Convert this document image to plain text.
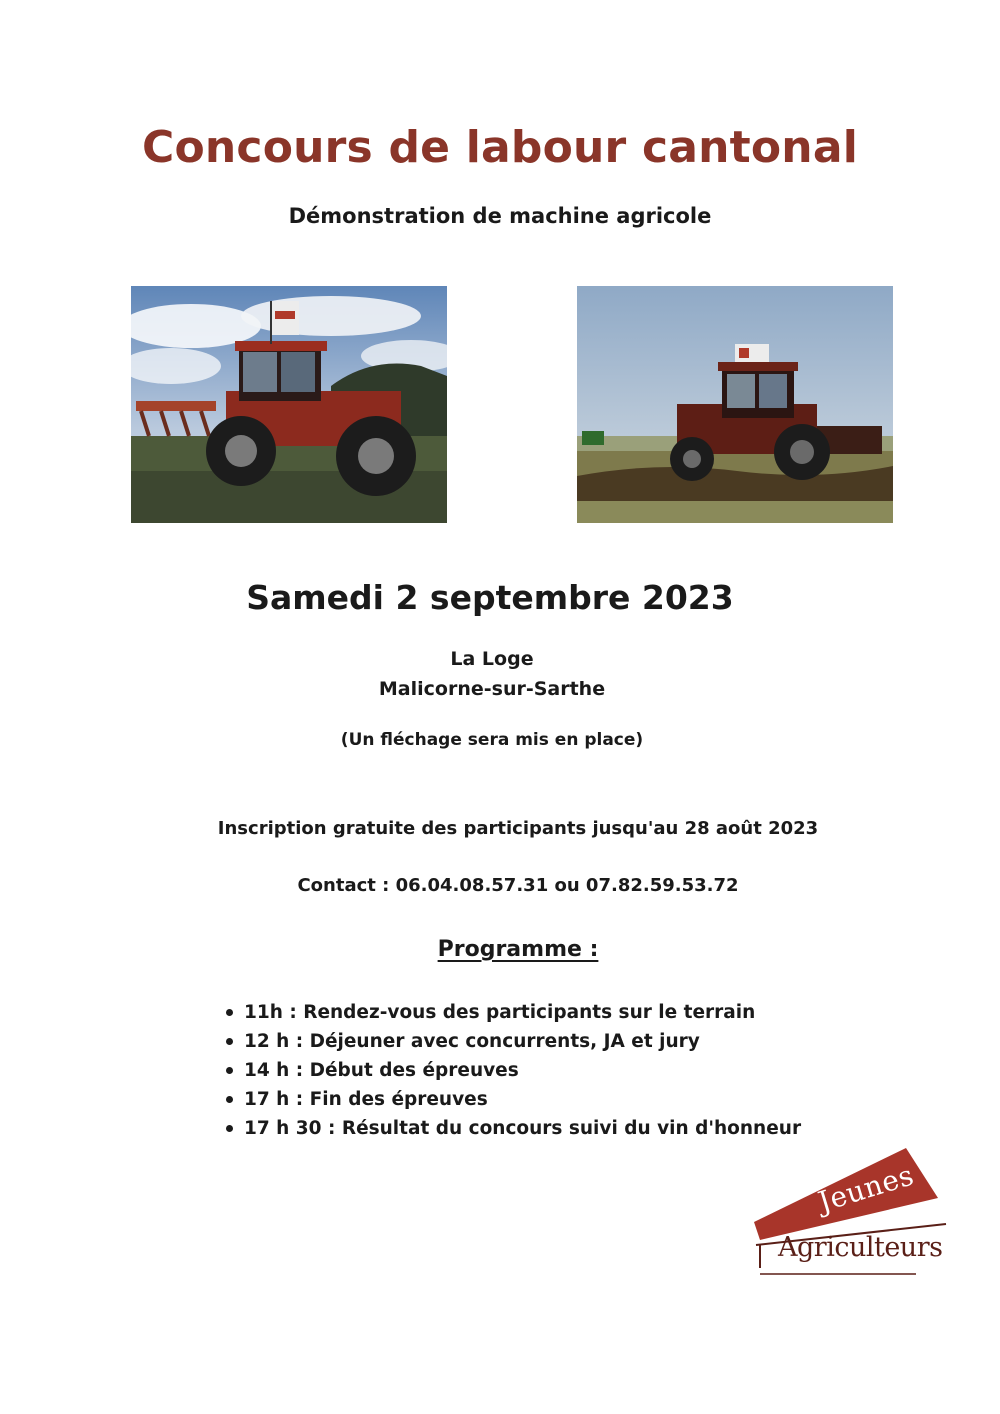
Concours de labour cantonal
Démonstration de machine agricole
Samedi 2 septembre 2023
La Loge
Malicorne-sur-Sarthe
(Un fléchage sera mis en place)
Inscription gratuite des participants jusqu'au 28 août 2023
Contact : 06.04.08.57.31 ou 07.82.59.53.72
Programme :
11h : Rendez-vous des participants sur le terrain
12 h : Déjeuner avec concurrents, JA et jury
14 h : Début des épreuves
17 h : Fin des épreuves
17 h 30 : Résultat du concours suivi du vin d'honneur
Jeunes
Agriculteurs
